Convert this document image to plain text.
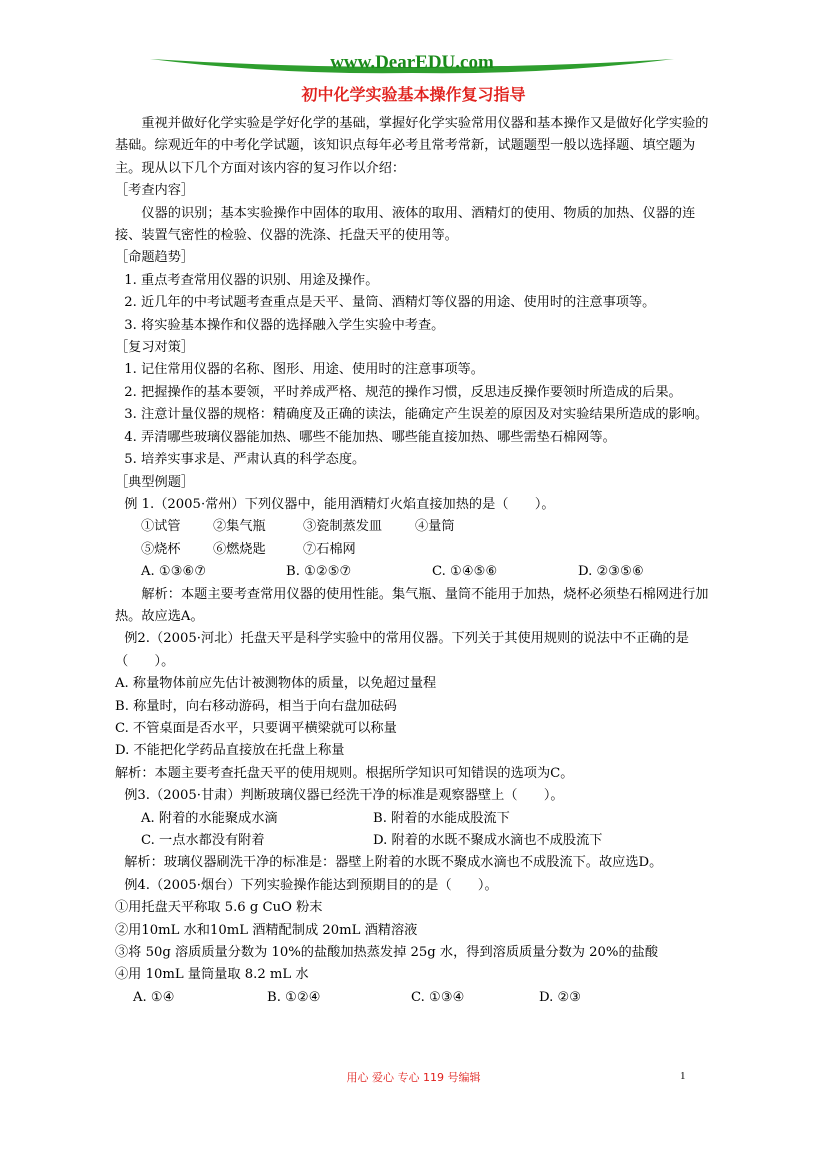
www.DearEDU.com
初中化学实验基本操作复习指导

重视并做好化学实验是学好化学的基础，掌握好化学实验常用仪器和基本操作又是做好化学实验的基础。综观近年的中考化学试题，该知识点每年必考且常考常新，试题题型一般以选择题、填空题为主。现从以下几个方面对该内容的复习作以介绍：

［考查内容］

仪器的识别；基本实验操作中固体的取用、液体的取用、酒精灯的使用、物质的加热、仪器的连接、装置气密性的检验、仪器的洗涤、托盘天平的使用等。

［命题趋势］

1. 重点考查常用仪器的识别、用途及操作。

2. 近几年的中考试题考查重点是天平、量筒、酒精灯等仪器的用途、使用时的注意事项等。

3. 将实验基本操作和仪器的选择融入学生实验中考查。

［复习对策］

1. 记住常用仪器的名称、图形、用途、使用时的注意事项等。

2. 把握操作的基本要领，平时养成严格、规范的操作习惯，反思违反操作要领时所造成的后果。

3. 注意计量仪器的规格：精确度及正确的读法，能确定产生误差的原因及对实验结果所造成的影响。

4. 弄清哪些玻璃仪器能加热、哪些不能加热、哪些能直接加热、哪些需垫石棉网等。

5. 培养实事求是、严肃认真的科学态度。

［典型例题］

例 1.（2005·常州）下列仪器中，能用酒精灯火焰直接加热的是（　　）。

①试管	②集气瓶	③瓷制蒸发皿	④量筒
⑤烧杯	⑥燃烧匙	⑦石棉网
A. ①③⑥⑦	B. ①②⑤⑦	C. ①④⑤⑥	D. ②③⑤⑥

解析：本题主要考查常用仪器的使用性能。集气瓶、量筒不能用于加热，烧杯必须垫石棉网进行加热。故应选A。

例2.（2005·河北）托盘天平是科学实验中的常用仪器。下列关于其使用规则的说法中不正确的是（　　）。

A. 称量物体前应先估计被测物体的质量，以免超过量程

B. 称量时，向右移动游码，相当于向右盘加砝码

C. 不管桌面是否水平，只要调平横梁就可以称量

D. 不能把化学药品直接放在托盘上称量

解析：本题主要考查托盘天平的使用规则。根据所学知识可知错误的选项为C。

例3.（2005·甘肃）判断玻璃仪器已经洗干净的标准是观察器壁上（　　）。

A. 附着的水能聚成水滴	B. 附着的水能成股流下
C. 一点水都没有附着	D. 附着的水既不聚成水滴也不成股流下

解析：玻璃仪器刷洗干净的标准是：器壁上附着的水既不聚成水滴也不成股流下。故应选D。

例4.（2005·烟台）下列实验操作能达到预期目的的是（　　）。

①用托盘天平称取 5.6 g CuO 粉末

②用10mL 水和10mL 酒精配制成 20mL 酒精溶液

③将 50g 溶质质量分数为 10%的盐酸加热蒸发掉 25g 水，得到溶质质量分数为 20%的盐酸

④用 10mL 量筒量取 8.2 mL 水

A. ①④	B. ①②④	C. ①③④	D. ②③
用心 爱心 专心 119 号编辑	1
